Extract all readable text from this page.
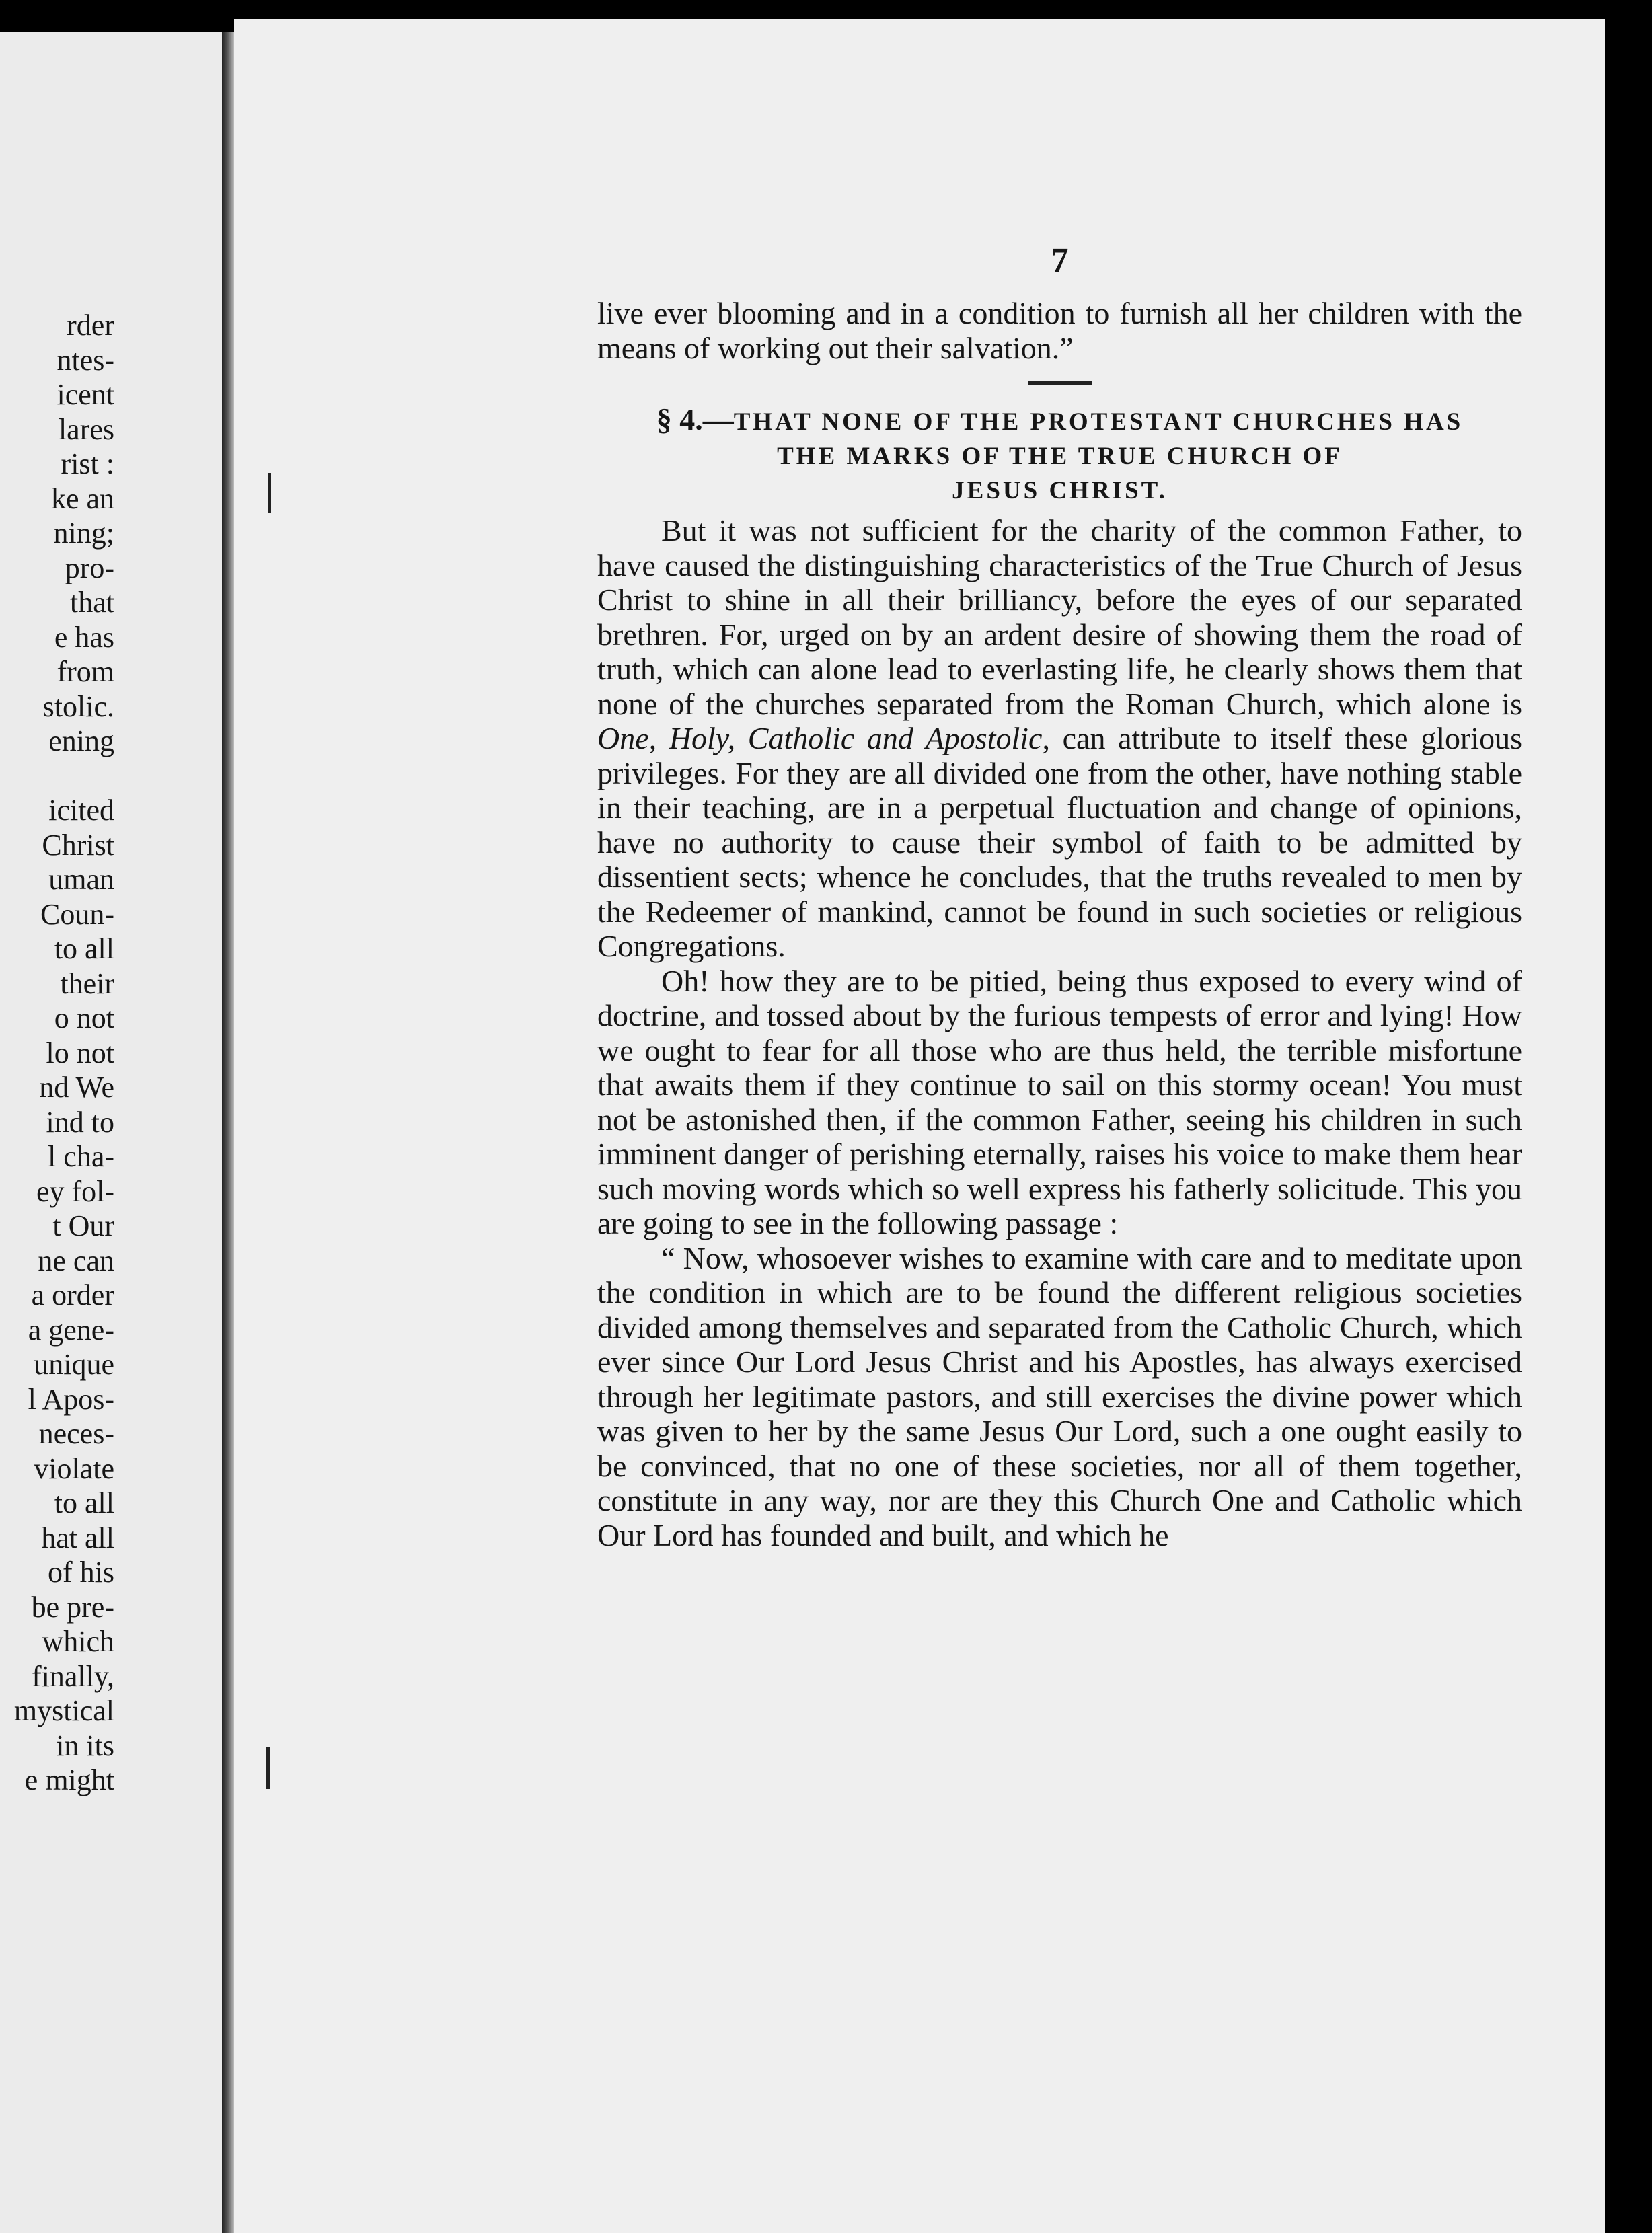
rder
ntes-
icent
lares
rist :
ke an
ning;
pro-
that
e has
from
stolic.
ening
icited
Christ
uman
Coun-
to all
their
o not
lo not
nd We
ind to
l cha-
ey fol-
t Our
ne can
a order
a gene-
unique
l Apos-
neces-
violate
to all
hat all
of his
be pre-
which
finally,
mystical
in its
e might
7

live ever blooming and in a condition to furnish all her children with the means of working out their salvation.”

§ 4.—THAT NONE OF THE PROTESTANT CHURCHES HAS
THE MARKS OF THE TRUE CHURCH OF
JESUS CHRIST.

But it was not sufficient for the charity of the common Father, to have caused the distinguishing characteristics of the True Church of Jesus Christ to shine in all their brilliancy, before the eyes of our separated brethren. For, urged on by an ardent desire of showing them the road of truth, which can alone lead to everlasting life, he clearly shows them that none of the churches separated from the Roman Church, which alone is One, Holy, Catholic and Apostolic, can attribute to itself these glorious privileges. For they are all divided one from the other, have nothing stable in their teaching, are in a perpetual fluctuation and change of opinions, have no authority to cause their symbol of faith to be admitted by dissentient sects; whence he concludes, that the truths revealed to men by the Redeemer of mankind, cannot be found in such societies or religious Congregations.

Oh! how they are to be pitied, being thus exposed to every wind of doctrine, and tossed about by the furious tempests of error and lying! How we ought to fear for all those who are thus held, the terrible misfortune that awaits them if they continue to sail on this stormy ocean! You must not be astonished then, if the common Father, seeing his children in such imminent danger of perishing eternally, raises his voice to make them hear such moving words which so well express his fatherly solicitude. This you are going to see in the following passage :

“ Now, whosoever wishes to examine with care and to meditate upon the condition in which are to be found the different religious societies divided among themselves and separated from the Catholic Church, which ever since Our Lord Jesus Christ and his Apostles, has always exercised through her legitimate pastors, and still exercises the divine power which was given to her by the same Jesus Our Lord, such a one ought easily to be convinced, that no one of these societies, nor all of them together, constitute in any way, nor are they this Church One and Catholic which Our Lord has founded and built, and which he
